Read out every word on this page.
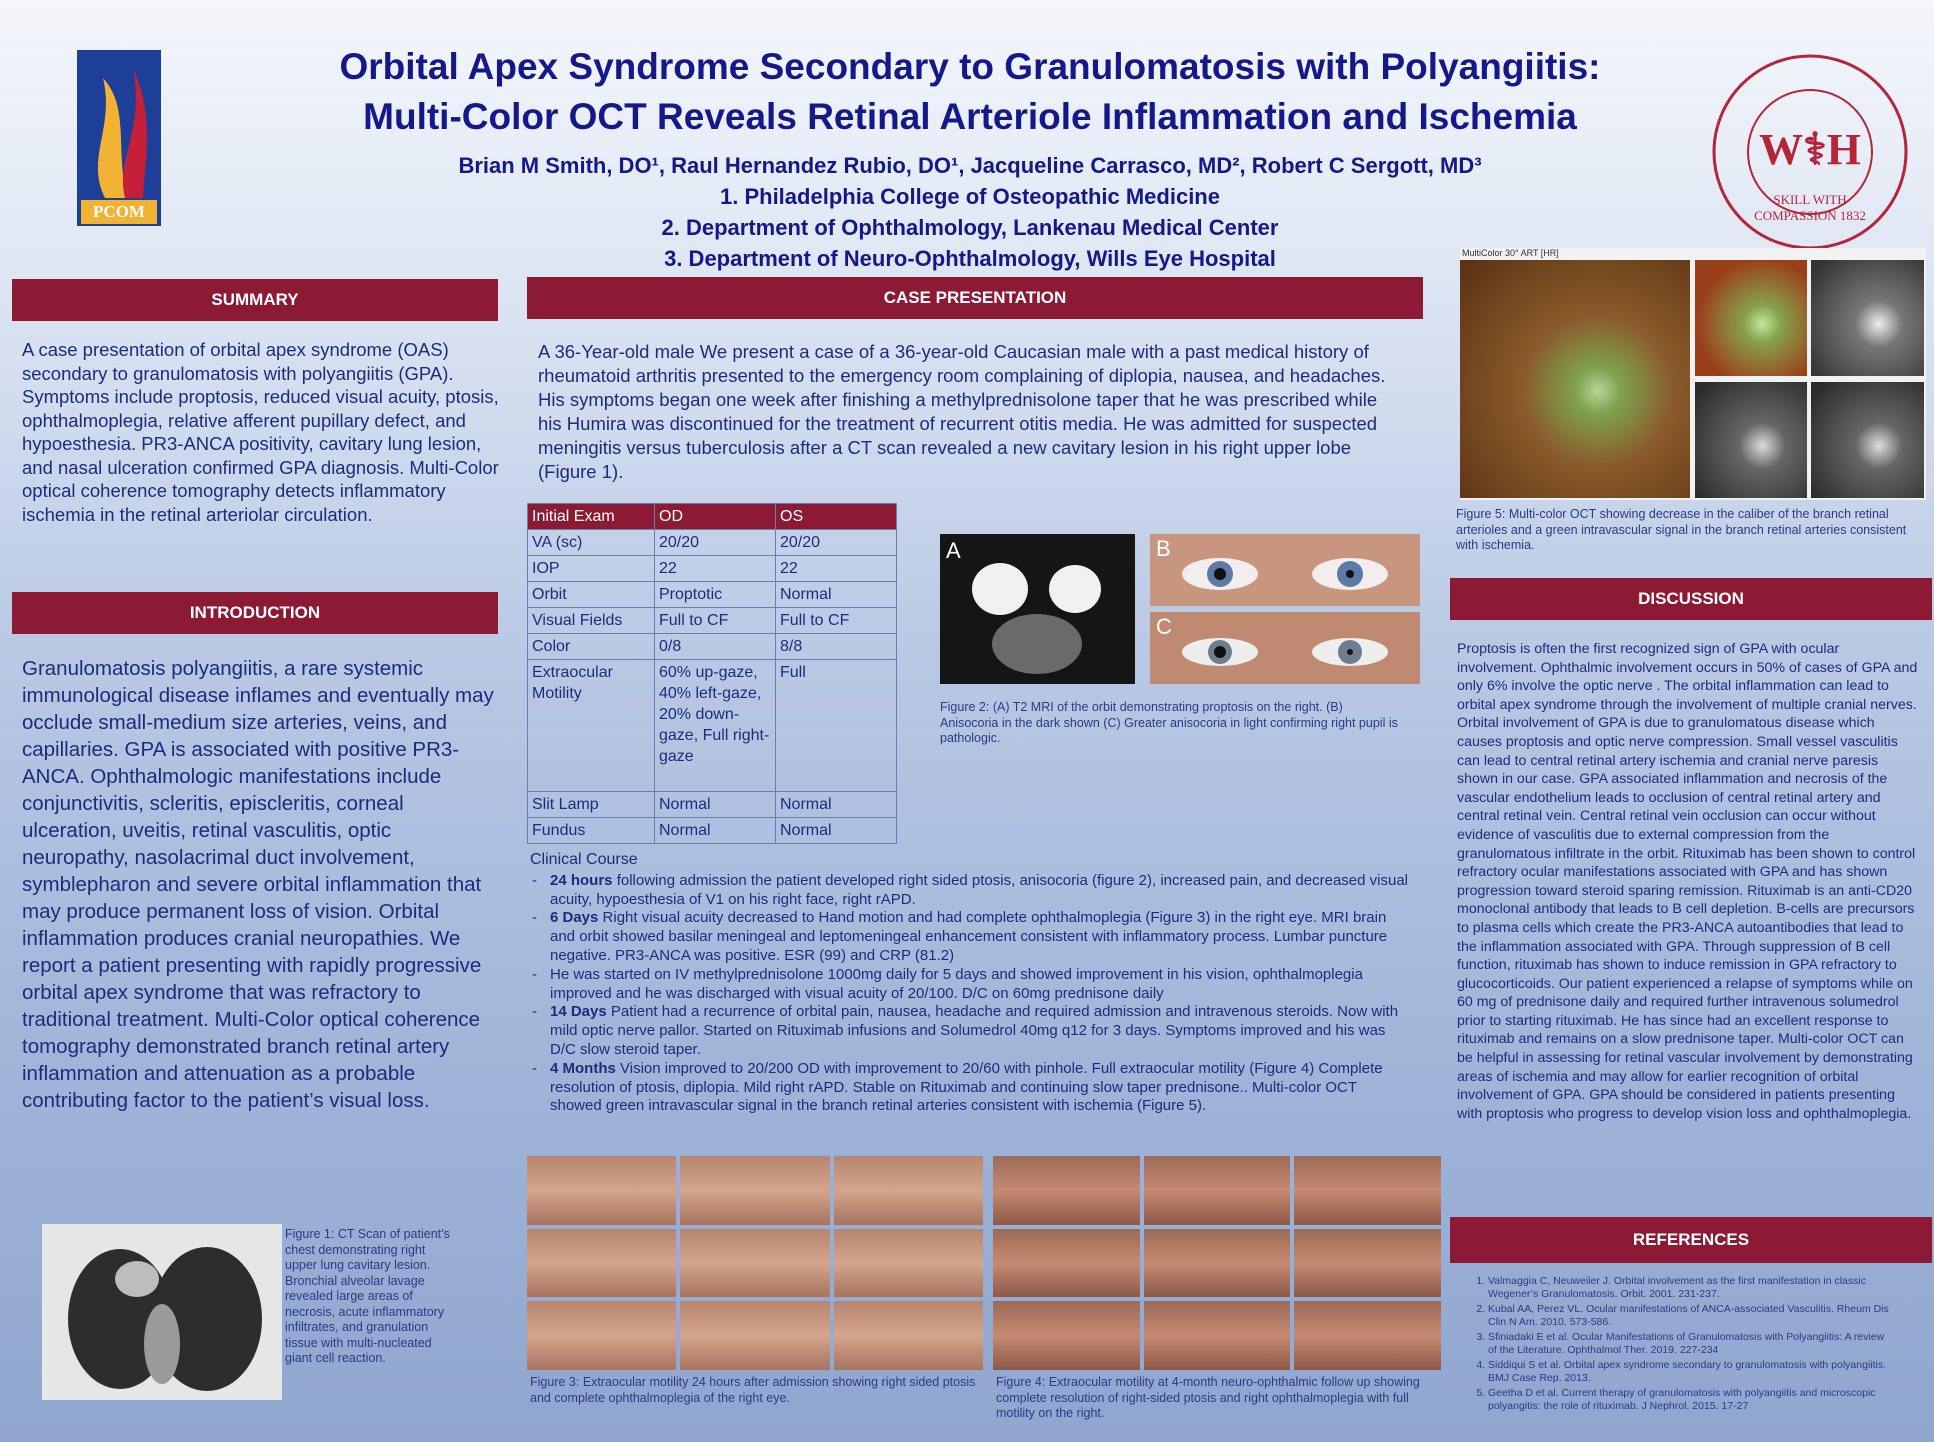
PCOM
Orbital Apex Syndrome Secondary to Granulomatosis with Polyangiitis:
Multi-Color OCT Reveals Retinal Arteriole Inflammation and Ischemia
Brian M Smith, DO¹, Raul Hernandez Rubio, DO¹, Jacqueline Carrasco, MD², Robert C Sergott, MD³
1. Philadelphia College of Osteopathic Medicine
2. Department of Ophthalmology, Lankenau Medical Center
3. Department of Neuro-Ophthalmology, Wills Eye Hospital
W⚕H
SKILL WITH COMPASSION 1832
SUMMARY
A case presentation of orbital apex syndrome (OAS) secondary to granulomatosis with polyangiitis (GPA). Symptoms include proptosis, reduced visual acuity, ptosis, ophthalmoplegia, relative afferent pupillary defect, and hypoesthesia. PR3-ANCA positivity, cavitary lung lesion, and nasal ulceration confirmed GPA diagnosis. Multi-Color optical coherence tomography detects inflammatory ischemia in the retinal arteriolar circulation.
INTRODUCTION
Granulomatosis polyangiitis, a rare systemic immunological disease inflames and eventually may occlude small-medium size arteries, veins, and capillaries. GPA is associated with positive PR3-ANCA. Ophthalmologic manifestations include conjunctivitis, scleritis, episcleritis, corneal ulceration, uveitis, retinal vasculitis, optic neuropathy, nasolacrimal duct involvement, symblepharon and severe orbital inflammation that may produce permanent loss of vision. Orbital inflammation produces cranial neuropathies. We report a patient presenting with rapidly progressive orbital apex syndrome that was refractory to traditional treatment. Multi-Color optical coherence tomography demonstrated branch retinal artery inflammation and attenuation as a probable contributing factor to the patient’s visual loss.
Figure 1: CT Scan of patient’s chest demonstrating right upper lung cavitary lesion. Bronchial alveolar lavage revealed large areas of necrosis, acute inflammatory infiltrates, and granulation tissue with multi-nucleated giant cell reaction.
CASE PRESENTATION
A 36-Year-old male We present a case of a 36-year-old Caucasian male with a past medical history of rheumatoid arthritis presented to the emergency room complaining of diplopia, nausea, and headaches. His symptoms began one week after finishing a methylprednisolone taper that he was prescribed while his Humira was discontinued for the treatment of recurrent otitis media. He was admitted for suspected meningitis versus tuberculosis after a CT scan revealed a new cavitary lesion in his right upper lobe (Figure 1).
Initial Exam	OD	OS
VA (sc)	20/20	20/20
IOP	22	22
Orbit	Proptotic	Normal
Visual Fields	Full to CF	Full to CF
Color	0/8	8/8
Extraocular Motility	60% up-gaze, 40% left-gaze, 20% down-gaze, Full right-gaze	Full
Slit Lamp	Normal	Normal
Fundus	Normal	Normal
A	B
C
Figure 2: (A) T2 MRI of the orbit demonstrating proptosis on the right. (B) Anisocoria in the dark shown (C) Greater anisocoria in light confirming right pupil is pathologic.
Clinical Course
- 24 hours following admission the patient developed right sided ptosis, anisocoria (figure 2), increased pain, and decreased visual acuity, hypoesthesia of V1 on his right face, right rAPD.
- 6 Days Right visual acuity decreased to Hand motion and had complete ophthalmoplegia (Figure 3) in the right eye. MRI brain and orbit showed basilar meningeal and leptomeningeal enhancement consistent with inflammatory process. Lumbar puncture negative. PR3-ANCA was positive. ESR (99) and CRP (81.2)
- He was started on IV methylprednisolone 1000mg daily for 5 days and showed improvement in his vision, ophthalmoplegia improved and he was discharged with visual acuity of 20/100. D/C on 60mg prednisone daily
- 14 Days Patient had a recurrence of orbital pain, nausea, headache and required admission and intravenous steroids. Now with mild optic nerve pallor. Started on Rituximab infusions and Solumedrol 40mg q12 for 3 days. Symptoms improved and his was D/C slow steroid taper.
- 4 Months Vision improved to 20/200 OD with improvement to 20/60 with pinhole. Full extraocular motility (Figure 4) Complete resolution of ptosis, diplopia. Mild right rAPD. Stable on Rituximab and continuing slow taper prednisone.. Multi-color OCT showed green intravascular signal in the branch retinal arteries consistent with ischemia (Figure 5).
Figure 3: Extraocular motility 24 hours after admission showing right sided ptosis and complete ophthalmoplegia of the right eye.
Figure 4: Extraocular motility at 4-month neuro-ophthalmic follow up showing complete resolution of right-sided ptosis and right ophthalmoplegia with full motility on the right.
MultiColor 30° ART [HR]
Figure 5: Multi-color OCT showing decrease in the caliber of the branch retinal arterioles and a green intravascular signal in the branch retinal arteries consistent with ischemia.
DISCUSSION
Proptosis is often the first recognized sign of GPA with ocular involvement. Ophthalmic involvement occurs in 50% of cases of GPA and only 6% involve the optic nerve . The orbital inflammation can lead to orbital apex syndrome through the involvement of multiple cranial nerves. Orbital involvement of GPA is due to granulomatous disease which causes proptosis and optic nerve compression. Small vessel vasculitis can lead to central retinal artery ischemia and cranial nerve paresis shown in our case. GPA associated inflammation and necrosis of the vascular endothelium leads to occlusion of central retinal artery and central retinal vein. Central retinal vein occlusion can occur without evidence of vasculitis due to external compression from the granulomatous infiltrate in the orbit. Rituximab has been shown to control refractory ocular manifestations associated with GPA and has shown progression toward steroid sparing remission. Rituximab is an anti-CD20 monoclonal antibody that leads to B cell depletion. B-cells are precursors to plasma cells which create the PR3-ANCA autoantibodies that lead to the inflammation associated with GPA. Through suppression of B cell function, rituximab has shown to induce remission in GPA refractory to glucocorticoids. Our patient experienced a relapse of symptoms while on 60 mg of prednisone daily and required further intravenous solumedrol prior to starting rituximab. He has since had an excellent response to rituximab and remains on a slow prednisone taper. Multi-color OCT can be helpful in assessing for retinal vascular involvement by demonstrating areas of ischemia and may allow for earlier recognition of orbital involvement of GPA. GPA should be considered in patients presenting with proptosis who progress to develop vision loss and ophthalmoplegia.
REFERENCES
1. Valmaggia C, Neuweiler J. Orbital involvement as the first manifestation in classic Wegener’s Granulomatosis. Orbit. 2001. 231-237.
2. Kubal AA, Perez VL. Ocular manifestations of ANCA-associated Vasculitis. Rheum Dis Clin N Am. 2010. 573-586.
3. Sfiniadaki E et al. Ocular Manifestations of Granulomatosis with Polyangiitis: A review of the Literature. Ophthalmol Ther. 2019. 227-234
4. Siddiqui S et al. Orbital apex syndrome secondary to granulomatosis with polyangiitis. BMJ Case Rep. 2013.
5. Geetha D et al. Current therapy of granulomatosis with polyangiitis and microscopic polyangitis: the role of rituximab. J Nephrol. 2015. 17-27
